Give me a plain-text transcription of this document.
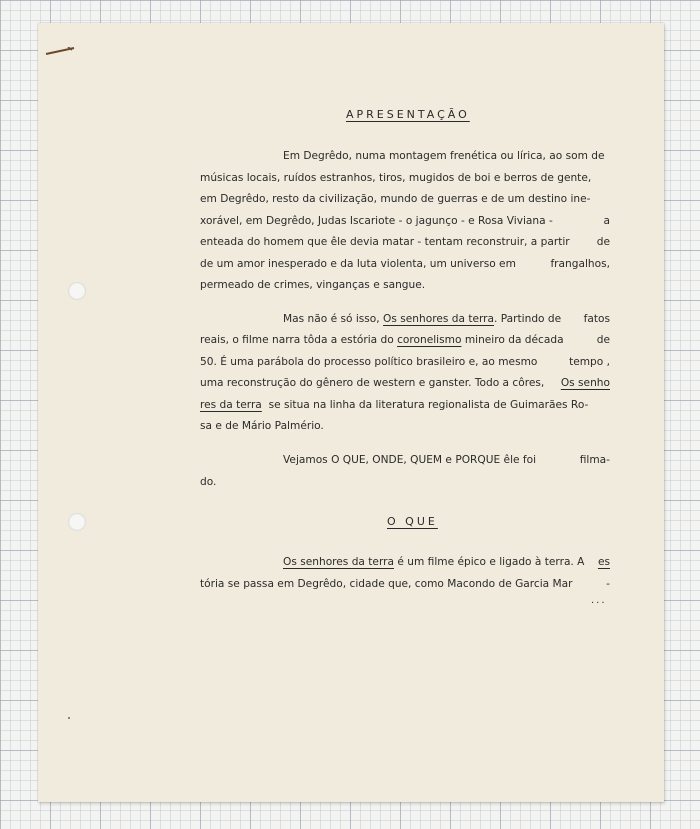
APRESENTAÇÃO
Em Degrêdo, numa montagem frenética ou lírica, ao som de
músicas locais, ruídos estranhos, tiros, mugidos de boi e berros de gente,
em Degrêdo, resto da civilização, mundo de guerras e de um destino ine-
xorável, em Degrêdo, Judas Iscariote - o jagunço - e Rosa Viviana -	a
enteada do homem que êle devia matar - tentam reconstruir, a partir	de
de um amor inesperado e da luta violenta, um universo em	frangalhos,
permeado de crimes, vinganças e sangue.
Mas não é só isso, Os senhores da terra. Partindo de fatos
reais, o filme narra tôda a estória do coronelismo mineiro da década	de
50. É uma parábola do processo político brasileiro e, ao mesmo	tempo ,
uma reconstrução do gênero de western e ganster. Todo a côres, Os senho
res da terra se situa na linha da literatura regionalista de Guimarães Ro-
sa e de Mário Palmério.
Vejamos O QUE, ONDE, QUEM e PORQUE êle foi	filma-
do.
O QUE
Os senhores da terra é um filme épico e ligado à terra. A es
tória se passa em Degrêdo, cidade que, como Macondo de Garcia Mar	-
...
